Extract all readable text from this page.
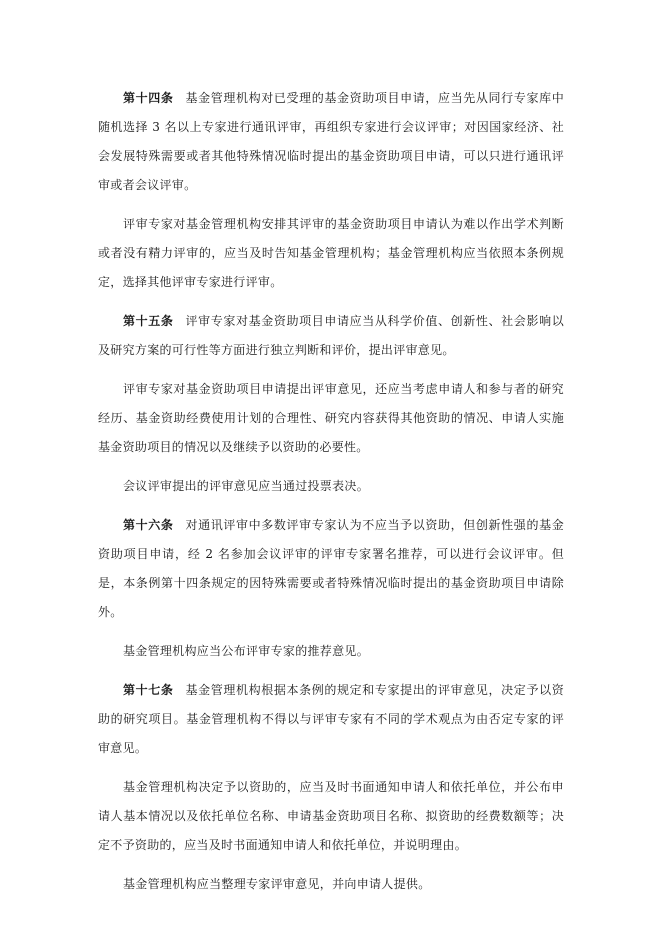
第十四条 基金管理机构对已受理的基金资助项目申请，应当先从同行专家库中随机选择 3 名以上专家进行通讯评审，再组织专家进行会议评审；对因国家经济、社会发展特殊需要或者其他特殊情况临时提出的基金资助项目申请，可以只进行通讯评审或者会议评审。

评审专家对基金管理机构安排其评审的基金资助项目申请认为难以作出学术判断或者没有精力评审的，应当及时告知基金管理机构；基金管理机构应当依照本条例规定，选择其他评审专家进行评审。

第十五条 评审专家对基金资助项目申请应当从科学价值、创新性、社会影响以及研究方案的可行性等方面进行独立判断和评价，提出评审意见。

评审专家对基金资助项目申请提出评审意见，还应当考虑申请人和参与者的研究经历、基金资助经费使用计划的合理性、研究内容获得其他资助的情况、申请人实施基金资助项目的情况以及继续予以资助的必要性。

会议评审提出的评审意见应当通过投票表决。

第十六条 对通讯评审中多数评审专家认为不应当予以资助，但创新性强的基金资助项目申请，经 2 名参加会议评审的评审专家署名推荐，可以进行会议评审。但是，本条例第十四条规定的因特殊需要或者特殊情况临时提出的基金资助项目申请除外。

基金管理机构应当公布评审专家的推荐意见。

第十七条 基金管理机构根据本条例的规定和专家提出的评审意见，决定予以资助的研究项目。基金管理机构不得以与评审专家有不同的学术观点为由否定专家的评审意见。

基金管理机构决定予以资助的，应当及时书面通知申请人和依托单位，并公布申请人基本情况以及依托单位名称、申请基金资助项目名称、拟资助的经费数额等；决定不予资助的，应当及时书面通知申请人和依托单位，并说明理由。

基金管理机构应当整理专家评审意见，并向申请人提供。
